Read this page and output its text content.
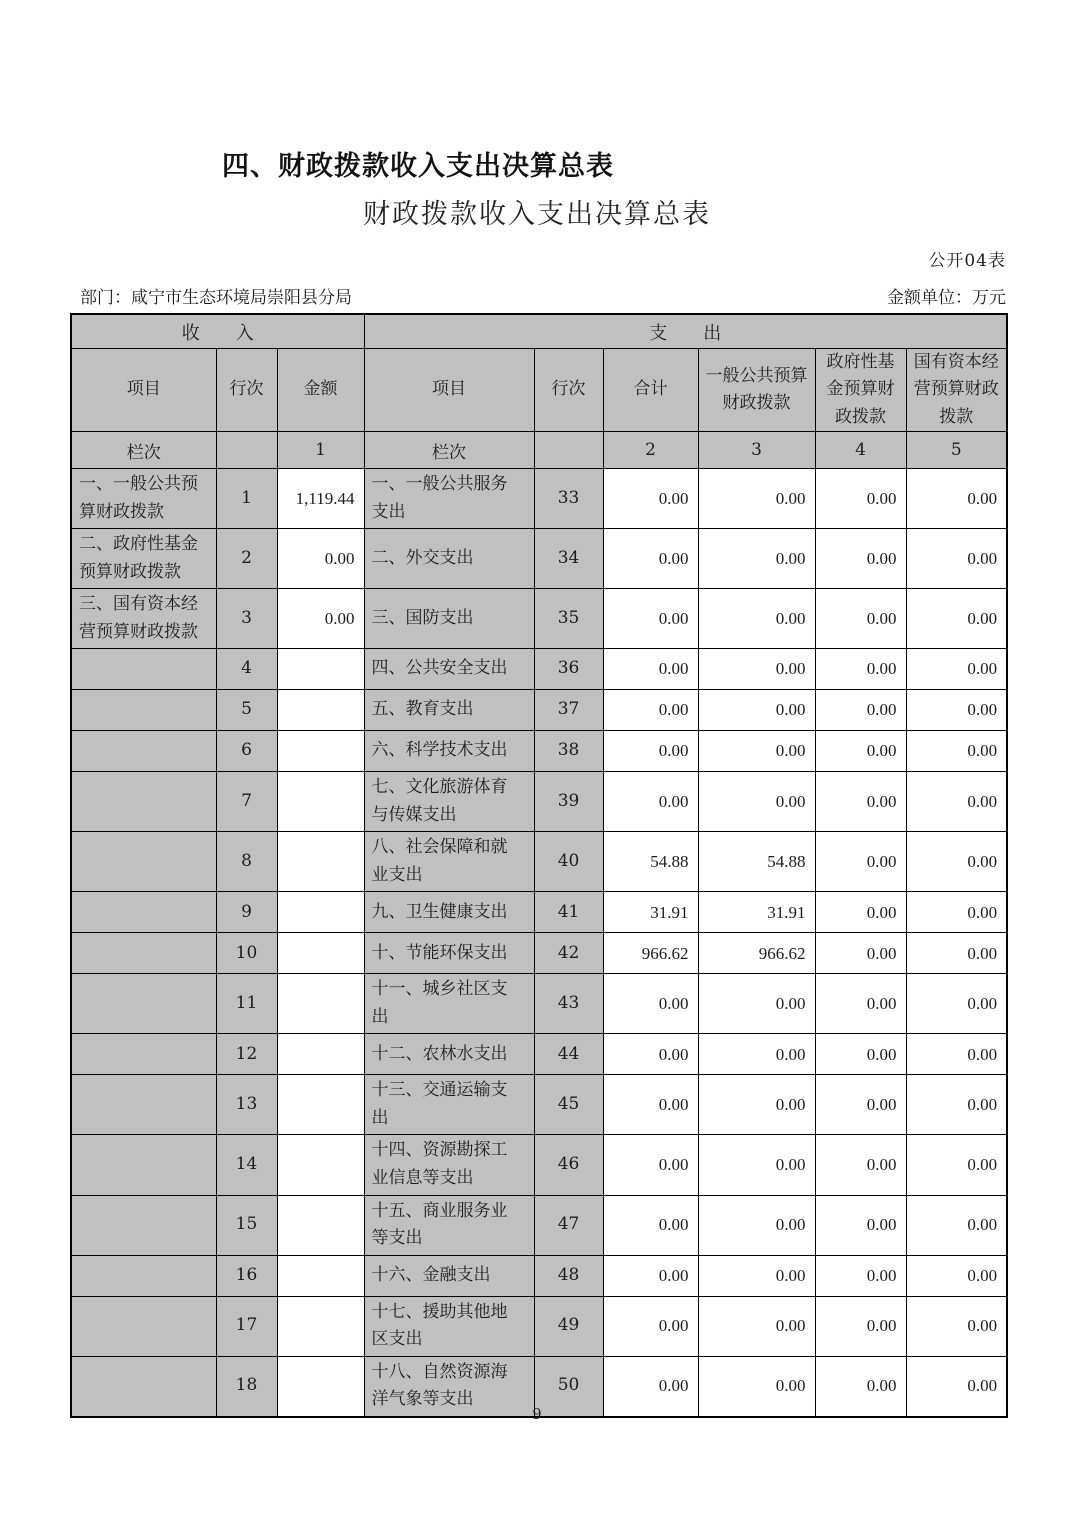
四、财政拨款收入支出决算总表
财政拨款收入支出决算总表
公开04表
部门：咸宁市生态环境局崇阳县分局	金额单位：万元
收　　入			支　　出					
项目	行次	金额	项目	行次	合计	一般公共预算财政拨款	政府性基金预算财政拨款	国有资本经营预算财政拨款
栏次		1	栏次		2	3	4	5
一、一般公共预算财政拨款	1	1,119.44	一、一般公共服务支出	33	0.00	0.00	0.00	0.00
二、政府性基金预算财政拨款	2	0.00	二、外交支出	34	0.00	0.00	0.00	0.00
三、国有资本经营预算财政拨款	3	0.00	三、国防支出	35	0.00	0.00	0.00	0.00
	4		四、公共安全支出	36	0.00	0.00	0.00	0.00
	5		五、教育支出	37	0.00	0.00	0.00	0.00
	6		六、科学技术支出	38	0.00	0.00	0.00	0.00
	7		七、文化旅游体育与传媒支出	39	0.00	0.00	0.00	0.00
	8		八、社会保障和就业支出	40	54.88	54.88	0.00	0.00
	9		九、卫生健康支出	41	31.91	31.91	0.00	0.00
	10		十、节能环保支出	42	966.62	966.62	0.00	0.00
	11		十一、城乡社区支出	43	0.00	0.00	0.00	0.00
	12		十二、农林水支出	44	0.00	0.00	0.00	0.00
	13		十三、交通运输支出	45	0.00	0.00	0.00	0.00
	14		十四、资源勘探工业信息等支出	46	0.00	0.00	0.00	0.00
	15		十五、商业服务业等支出	47	0.00	0.00	0.00	0.00
	16		十六、金融支出	48	0.00	0.00	0.00	0.00
	17		十七、援助其他地区支出	49	0.00	0.00	0.00	0.00
	18		十八、自然资源海洋气象等支出	50	0.00	0.00	0.00	0.00
9
